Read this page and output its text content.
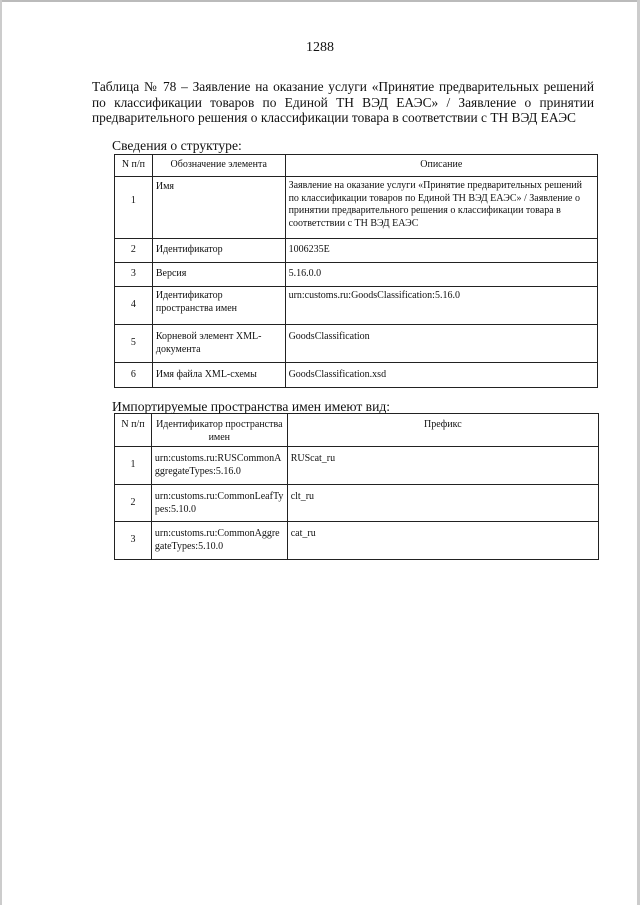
1288
Таблица № 78 – Заявление на оказание услуги «Принятие предварительных решений по классификации товаров по Единой ТН ВЭД ЕАЭС» / Заявление о принятии предварительного решения о классификации товара в соответствии с ТН ВЭД ЕАЭС
Сведения о структуре:
N п/п	Обозначение элемента	Описание
1	Имя	Заявление на оказание услуги «Принятие предварительных решений по классификации товаров по Единой ТН ВЭД ЕАЭС» / Заявление о принятии предварительного решения о классификации товара в соответствии с ТН ВЭД ЕАЭС
2	Идентификатор	1006235E
3	Версия	5.16.0.0
4	Идентификатор пространства имен	urn:customs.ru:GoodsClassification:5.16.0
5	Корневой элемент XML-документа	GoodsClassification
6	Имя файла XML-схемы	GoodsClassification.xsd
Импортируемые пространства имен имеют вид:
N п/п	Идентификатор пространства имен	Префикс
1	urn:customs.ru:RUSCommonAggregateTypes:5.16.0	RUScat_ru
2	urn:customs.ru:CommonLeafTypes:5.10.0	clt_ru
3	urn:customs.ru:CommonAggregateTypes:5.10.0	cat_ru
